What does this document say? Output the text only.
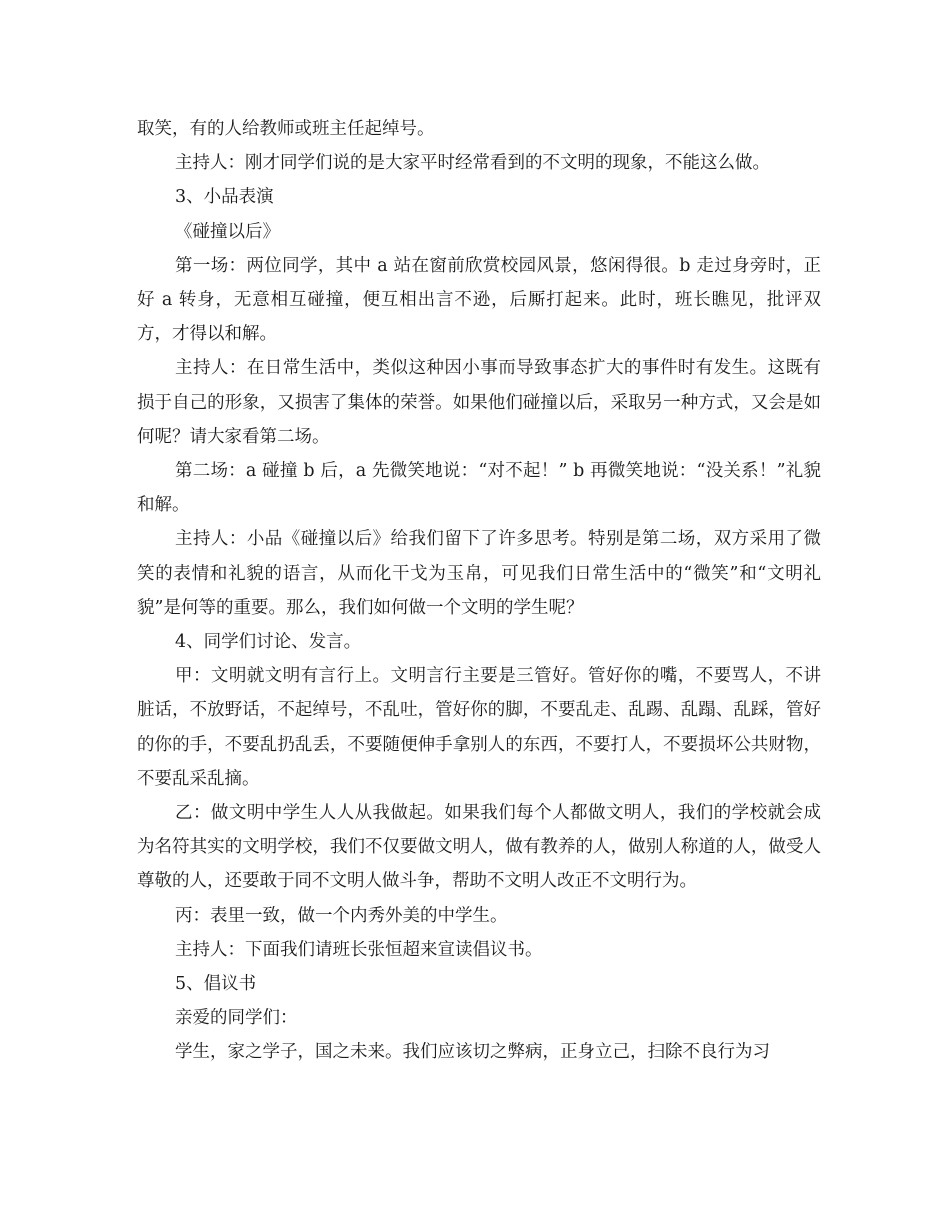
取笑，有的人给教师或班主任起绰号。

主持人：刚才同学们说的是大家平时经常看到的不文明的现象，不能这么做。

3、小品表演

《碰撞以后》

第一场：两位同学，其中 a 站在窗前欣赏校园风景，悠闲得很。b 走过身旁时，正好 a 转身，无意相互碰撞，便互相出言不逊，后厮打起来。此时，班长瞧见，批评双方，才得以和解。

主持人：在日常生活中，类似这种因小事而导致事态扩大的事件时有发生。这既有损于自己的形象，又损害了集体的荣誉。如果他们碰撞以后，采取另一种方式，又会是如何呢？请大家看第二场。

第二场：a 碰撞 b 后，a 先微笑地说：“对不起！” b 再微笑地说：“没关系！”礼貌和解。

主持人：小品《碰撞以后》给我们留下了许多思考。特别是第二场，双方采用了微笑的表情和礼貌的语言，从而化干戈为玉帛，可见我们日常生活中的“微笑”和“文明礼貌”是何等的重要。那么，我们如何做一个文明的学生呢？

4、同学们讨论、发言。

甲：文明就文明有言行上。文明言行主要是三管好。管好你的嘴，不要骂人，不讲脏话，不放野话，不起绰号，不乱吐，管好你的脚，不要乱走、乱踢、乱蹋、乱踩，管好的你的手，不要乱扔乱丢，不要随便伸手拿别人的东西，不要打人，不要损坏公共财物，不要乱采乱摘。

乙：做文明中学生人人从我做起。如果我们每个人都做文明人，我们的学校就会成为名符其实的文明学校，我们不仅要做文明人，做有教养的人，做别人称道的人，做受人尊敬的人，还要敢于同不文明人做斗争，帮助不文明人改正不文明行为。

丙：表里一致，做一个内秀外美的中学生。

主持人：下面我们请班长张恒超来宣读倡议书。

5、倡议书

亲爱的同学们：

学生，家之学子，国之未来。我们应该切之弊病，正身立己，扫除不良行为习
